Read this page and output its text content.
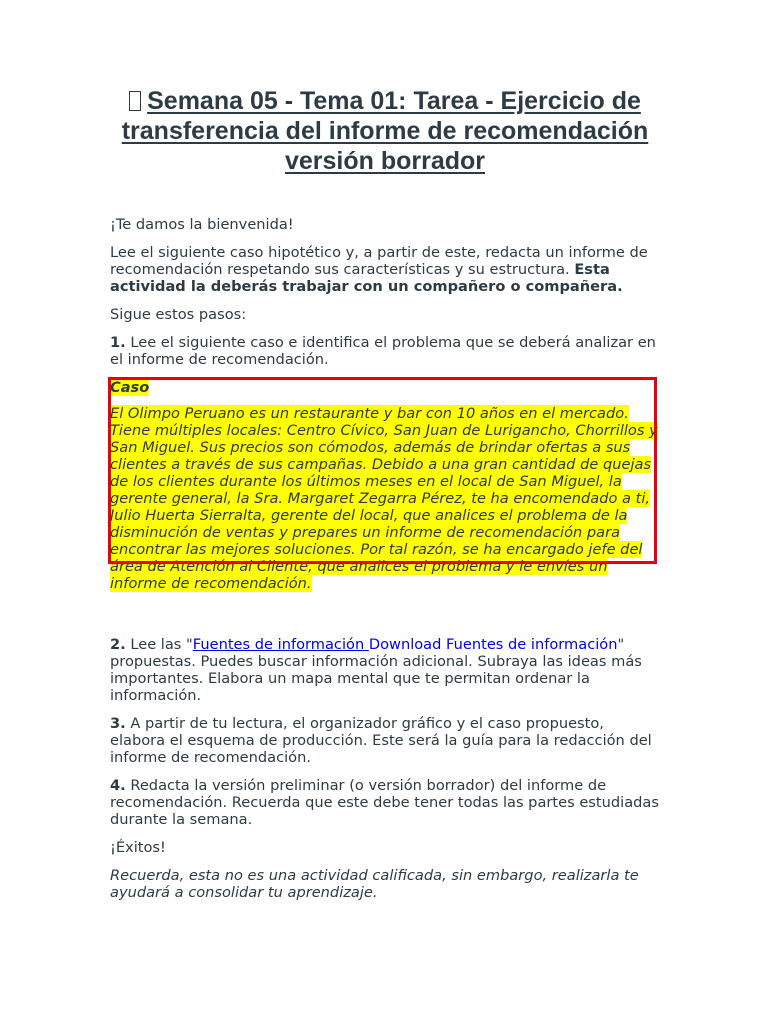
Semana 05 - Tema 01: Tarea - Ejercicio de transferencia del informe de recomendación versión borrador

¡Te damos la bienvenida!

Lee el siguiente caso hipotético y, a partir de este, redacta un informe de recomendación respetando sus características y su estructura. Esta actividad la deberás trabajar con un compañero o compañera.

Sigue estos pasos:

1. Lee el siguiente caso e identifica el problema que se deberá analizar en el informe de recomendación.

Caso

El Olimpo Peruano es un restaurante y bar con 10 años en el mercado. Tiene múltiples locales: Centro Cívico, San Juan de Lurigancho, Chorrillos y San Miguel. Sus precios son cómodos, además de brindar ofertas a sus clientes a través de sus campañas. Debido a una gran cantidad de quejas de los clientes durante los últimos meses en el local de San Miguel, la gerente general, la Sra. Margaret Zegarra Pérez, te ha encomendado a ti, Julio Huerta Sierralta, gerente del local, que analices el problema de la disminución de ventas y prepares un informe de recomendación para encontrar las mejores soluciones. Por tal razón, se ha encargado jefe del área de Atención al Cliente, que analices el problema y le envíes un informe de recomendación.

2. Lee las "Fuentes de información Download Fuentes de información" propuestas. Puedes buscar información adicional. Subraya las ideas más importantes. Elabora un mapa mental que te permitan ordenar la información.

3. A partir de tu lectura, el organizador gráfico y el caso propuesto, elabora el esquema de producción. Este será la guía para la redacción del informe de recomendación.

4. Redacta la versión preliminar (o versión borrador) del informe de recomendación. Recuerda que este debe tener todas las partes estudiadas durante la semana.

¡Éxitos!

Recuerda, esta no es una actividad calificada, sin embargo, realizarla te ayudará a consolidar tu aprendizaje.
